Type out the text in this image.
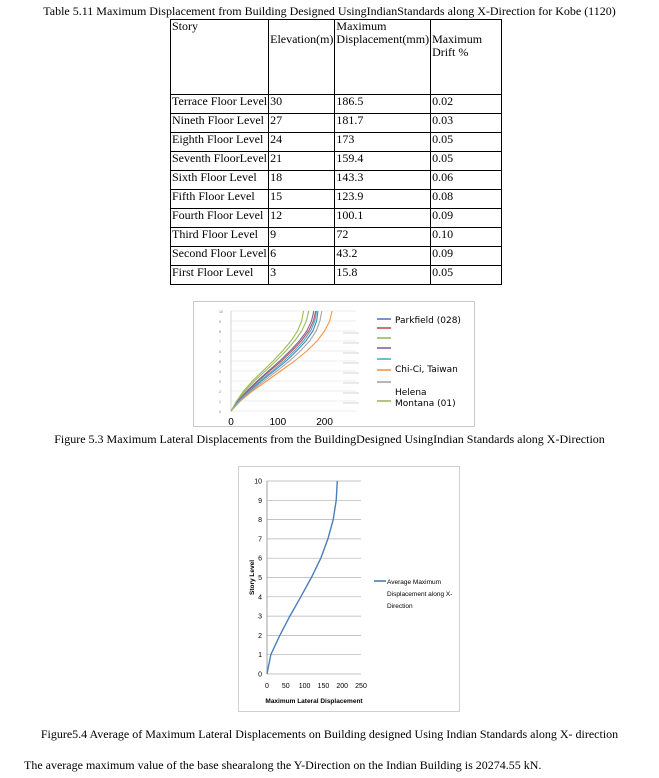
Table 5.11 Maximum Displacement from Building Designed UsingIndianStandards along X-Direction for Kobe (1120)
Story	Elevation(m)	Maximum Displacement(mm)	Maximum Drift %
Terrace Floor Level	30	186.5	0.02
Nineth Floor Level	27	181.7	0.03
Eighth Floor Level	24	173	0.05
Seventh FloorLevel	21	159.4	0.05
Sixth Floor Level	18	143.3	0.06
Fifth Floor Level	15	123.9	0.08
Fourth Floor Level	12	100.1	0.09
Third Floor Level	9	72	0.10
Second Floor Level	6	43.2	0.09
First Floor Level	3	15.8	0.05
0
1
2
3
4
5
6
7
8
9
10
0	100	200
Parkfield (028)
Chi-Ci, Taiwan
Helena
Montana (01)
Figure 5.3 Maximum Lateral Displacements from the BuildingDesigned UsingIndian Standards along X-Direction
0
1
2
3
4
5
6
7
8
9
10
0 50 100 150 200 250
Maximum Lateral Displacement
Story Level	Average Maximum
Displacement along X-
Direction
Figure5.4 Average of Maximum Lateral Displacements on Building designed Using Indian Standards along X- direction
The average maximum value of the base shearalong the Y-Direction on the Indian Building is 20274.55 kN.
